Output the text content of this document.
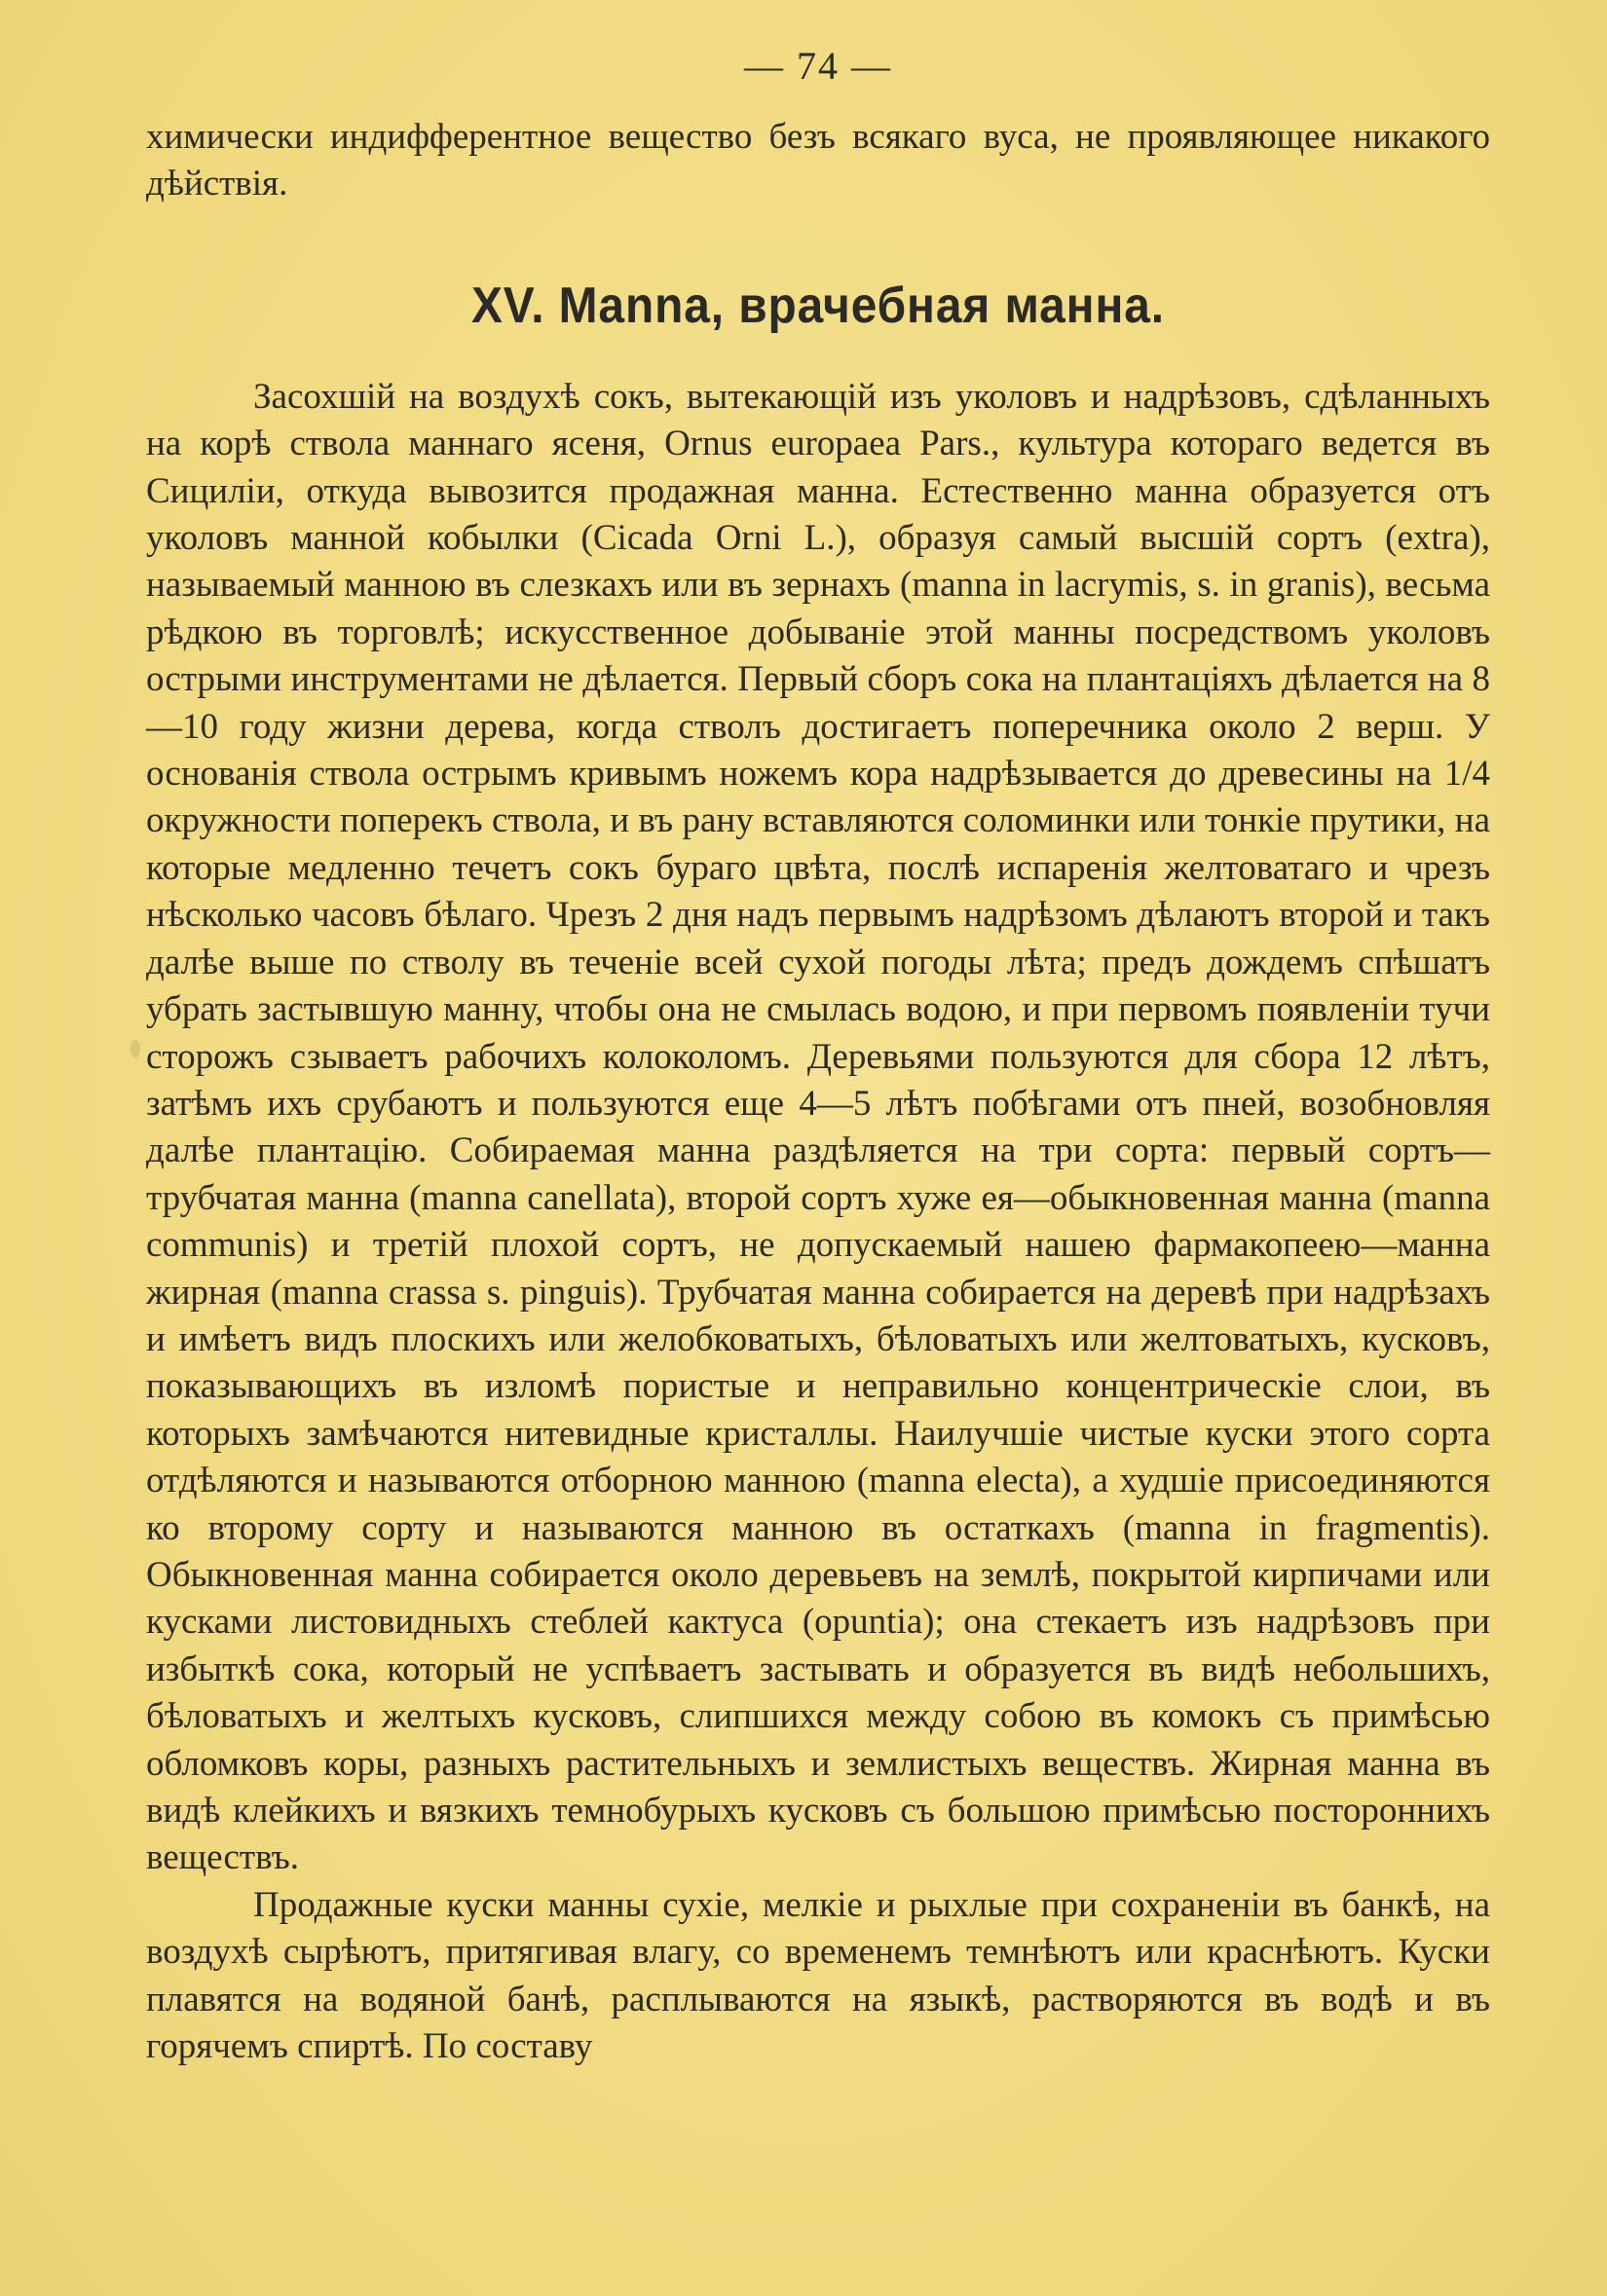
— 74 —

химически индифферентное вещество безъ всякаго вуса, не проявляющее никакого дѣйствія.

XV. Manna, врачебная манна.

Засохшій на воздухѣ сокъ, вытекающій изъ уколовъ и надрѣзовъ, сдѣланныхъ на корѣ ствола маннаго ясеня, Ornus europaea Pars., культура котораго ведется въ Сициліи, откуда вывозится продажная манна. Естественно манна образуется отъ уколовъ манной кобылки (Cicada Orni L.), образуя самый высшій сортъ (extra), называемый манною въ слезкахъ или въ зернахъ (manna in lacrymis, s. in granis), весьма рѣдкою въ торговлѣ; искусственное добываніе этой манны посредствомъ уколовъ острыми инструментами не дѣлается. Первый сборъ сока на плантаціяхъ дѣлается на 8—10 году жизни дерева, когда стволъ достигаетъ поперечника около 2 верш. У основанія ствола острымъ кривымъ ножемъ кора надрѣзывается до древесины на 1/4 окружности поперекъ ствола, и въ рану вставляются соломинки или тонкіе прутики, на которые медленно течетъ сокъ бураго цвѣта, послѣ испаренія желтоватаго и чрезъ нѣсколько часовъ бѣлаго. Чрезъ 2 дня надъ первымъ надрѣзомъ дѣлаютъ второй и такъ далѣе выше по стволу въ теченіе всей сухой погоды лѣта; предъ дождемъ спѣшатъ убрать застывшую манну, чтобы она не смылась водою, и при первомъ появленіи тучи сторожъ сзываетъ рабочихъ колоколомъ. Деревьями пользуются для сбора 12 лѣтъ, затѣмъ ихъ срубаютъ и пользуются еще 4—5 лѣтъ побѣгами отъ пней, возобновляя далѣе плантацію. Собираемая манна раздѣляется на три сорта: первый сортъ—трубчатая манна (manna canellata), второй сортъ хуже ея—обыкновенная манна (manna communis) и третій плохой сортъ, не допускаемый нашею фармакопеею—манна жирная (manna crassa s. pinguis). Трубчатая манна собирается на деревѣ при надрѣзахъ и имѣетъ видъ плоскихъ или желобковатыхъ, бѣловатыхъ или желтоватыхъ, кусковъ, показывающихъ въ изломѣ пористые и неправильно концентрическіе слои, въ которыхъ замѣчаются нитевидные кристаллы. Наилучшіе чистые куски этого сорта отдѣляются и называются отборною манною (manna electa), а худшіе присоединяются ко второму сорту и называются манною въ остаткахъ (manna in fragmentis). Обыкновенная манна собирается около деревьевъ на землѣ, покрытой кирпичами или кусками листовидныхъ стеблей кактуса (opuntia); она стекаетъ изъ надрѣзовъ при избыткѣ сока, который не успѣваетъ застывать и образуется въ видѣ небольшихъ, бѣловатыхъ и желтыхъ кусковъ, слипшихся между собою въ комокъ съ примѣсью обломковъ коры, разныхъ растительныхъ и землистыхъ веществъ. Жирная манна въ видѣ клейкихъ и вязкихъ темнобурыхъ кусковъ съ большою примѣсью постороннихъ веществъ.

Продажные куски манны сухіе, мелкіе и рыхлые при сохраненіи въ банкѣ, на воздухѣ сырѣютъ, притягивая влагу, со временемъ темнѣютъ или краснѣютъ. Куски плавятся на водяной банѣ, расплываются на языкѣ, растворяются въ водѣ и въ горячемъ спиртѣ. По составу
